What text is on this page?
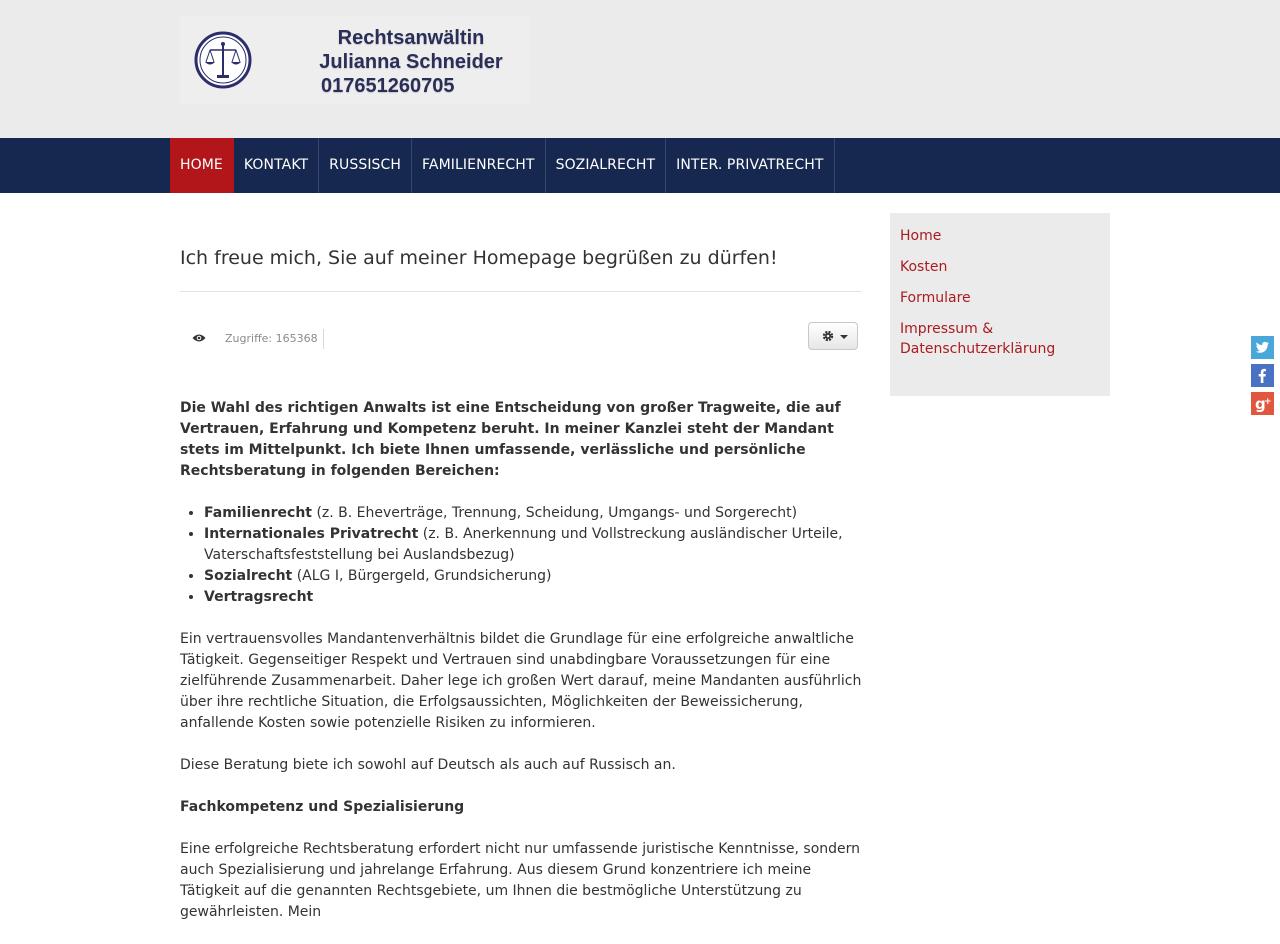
Rechtsanwältin
Julianna Schneider
017651260705
HOME	KONTAKT	RUSSISCH	FAMILIENRECHT	SOZIALRECHT	INTER. PRIVATRECHT
Ich freue mich, Sie auf meiner Homepage begrüßen zu dürfen!
Zugriffe: 165368

Die Wahl des richtigen Anwalts ist eine Entscheidung von großer Tragweite, die auf Vertrauen, Erfahrung und Kompetenz beruht. In meiner Kanzlei steht der Mandant stets im Mittelpunkt. Ich biete Ihnen umfassende, verlässliche und persönliche Rechtsberatung in folgenden Bereichen:

• Familienrecht (z. B. Eheverträge, Trennung, Scheidung, Umgangs- und Sorgerecht)
• Internationales Privatrecht (z. B. Anerkennung und Vollstreckung ausländischer Urteile, Vaterschaftsfeststellung bei Auslandsbezug)
• Sozialrecht (ALG I, Bürgergeld, Grundsicherung)
• Vertragsrecht

Ein vertrauensvolles Mandantenverhältnis bildet die Grundlage für eine erfolgreiche anwaltliche Tätigkeit. Gegenseitiger Respekt und Vertrauen sind unabdingbare Voraussetzungen für eine zielführende Zusammenarbeit. Daher lege ich großen Wert darauf, meine Mandanten ausführlich über ihre rechtliche Situation, die Erfolgsaussichten, Möglichkeiten der Beweissicherung, anfallende Kosten sowie potenzielle Risiken zu informieren.

Diese Beratung biete ich sowohl auf Deutsch als auch auf Russisch an.

Fachkompetenz und Spezialisierung

Eine erfolgreiche Rechtsberatung erfordert nicht nur umfassende juristische Kenntnisse, sondern auch Spezialisierung und jahrelange Erfahrung. Aus diesem Grund konzentriere ich meine Tätigkeit auf die genannten Rechtsgebiete, um Ihnen die bestmögliche Unterstützung zu gewährleisten. Mein

Home
Kosten
Formulare
Impressum & Datenschutzerklärung
g
+
